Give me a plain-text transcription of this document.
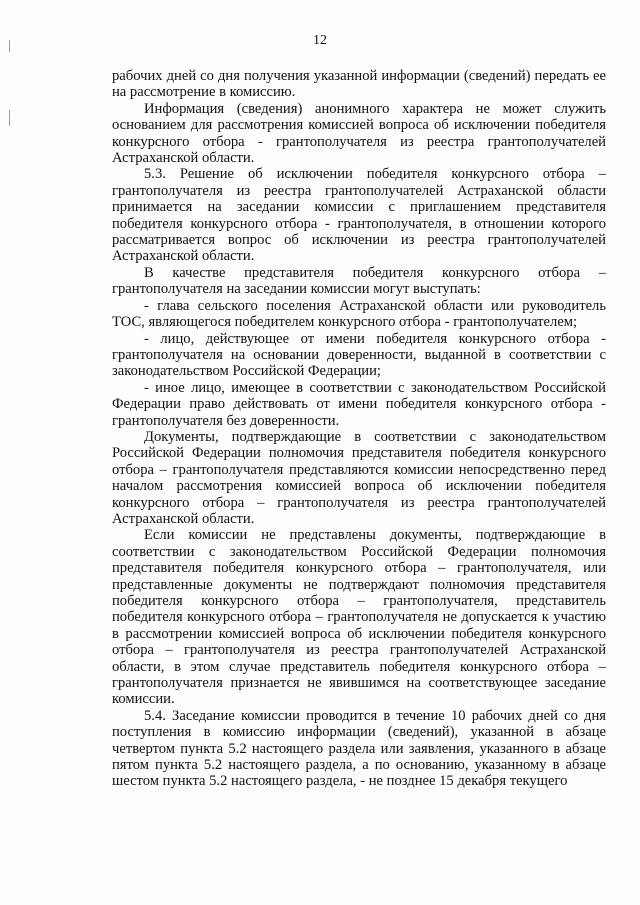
12

рабочих дней со дня получения указанной информации (сведений) передать ее на рассмотрение в комиссию.

Информация (сведения) анонимного характера не может служить основанием для рассмотрения комиссией вопроса об исключении победителя конкурсного отбора - грантополучателя из реестра грантополучателей Астраханской области.

5.3. Решение об исключении победителя конкурсного отбора – грантополучателя из реестра грантополучателей Астраханской области принимается на заседании комиссии с приглашением представителя победителя конкурсного отбора - грантополучателя, в отношении которого рассматривается вопрос об исключении из реестра грантополучателей Астраханской области.

В качестве представителя победителя конкурсного отбора – грантополучателя на заседании комиссии могут выступать:

- глава сельского поселения Астраханской области или руководитель ТОС, являющегося победителем конкурсного отбора - грантополучателем;

- лицо, действующее от имени победителя конкурсного отбора - грантополучателя на основании доверенности, выданной в соответствии с законодательством Российской Федерации;

- иное лицо, имеющее в соответствии с законодательством Российской Федерации право действовать от имени победителя конкурсного отбора - грантополучателя без доверенности.

Документы, подтверждающие в соответствии с законодательством Российской Федерации полномочия представителя победителя конкурсного отбора – грантополучателя представляются комиссии непосредственно перед началом рассмотрения комиссией вопроса об исключении победителя конкурсного отбора – грантополучателя из реестра грантополучателей Астраханской области.

Если комиссии не представлены документы, подтверждающие в соответствии с законодательством Российской Федерации полномочия представителя победителя конкурсного отбора – грантополучателя, или представленные документы не подтверждают полномочия представителя победителя конкурсного отбора – грантополучателя, представитель победителя конкурсного отбора – грантополучателя не допускается к участию в рассмотрении комиссией вопроса об исключении победителя конкурсного отбора – грантополучателя из реестра грантополучателей Астраханской области, в этом случае представитель победителя конкурсного отбора – грантополучателя признается не явившимся на соответствующее заседание комиссии.

5.4. Заседание комиссии проводится в течение 10 рабочих дней со дня поступления в комиссию информации (сведений), указанной в абзаце четвертом пункта 5.2 настоящего раздела или заявления, указанного в абзаце пятом пункта 5.2 настоящего раздела, а по основанию, указанному в абзаце шестом пункта 5.2 настоящего раздела, - не позднее 15 декабря текущего
